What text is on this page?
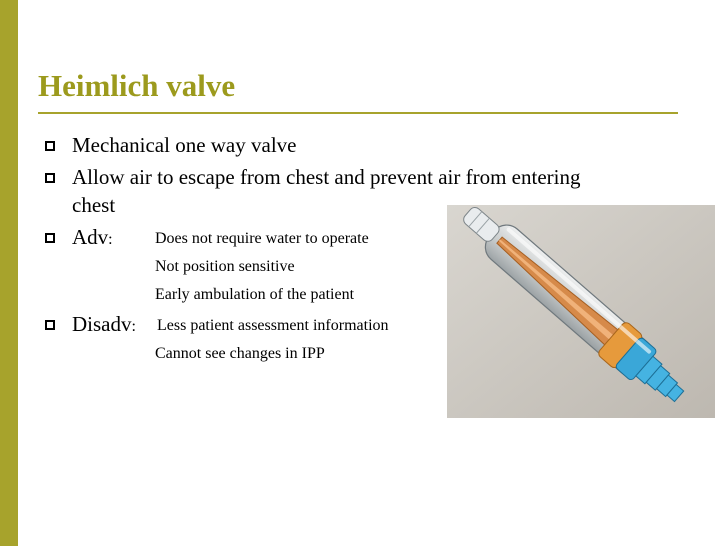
Heimlich valve
Mechanical one way valve
Allow air to escape from chest and prevent air from entering
chest
Adv:	Does not require water to operate
Not position sensitive
Early ambulation of the patient
Disadv: Less patient assessment information
Cannot see changes in IPP
